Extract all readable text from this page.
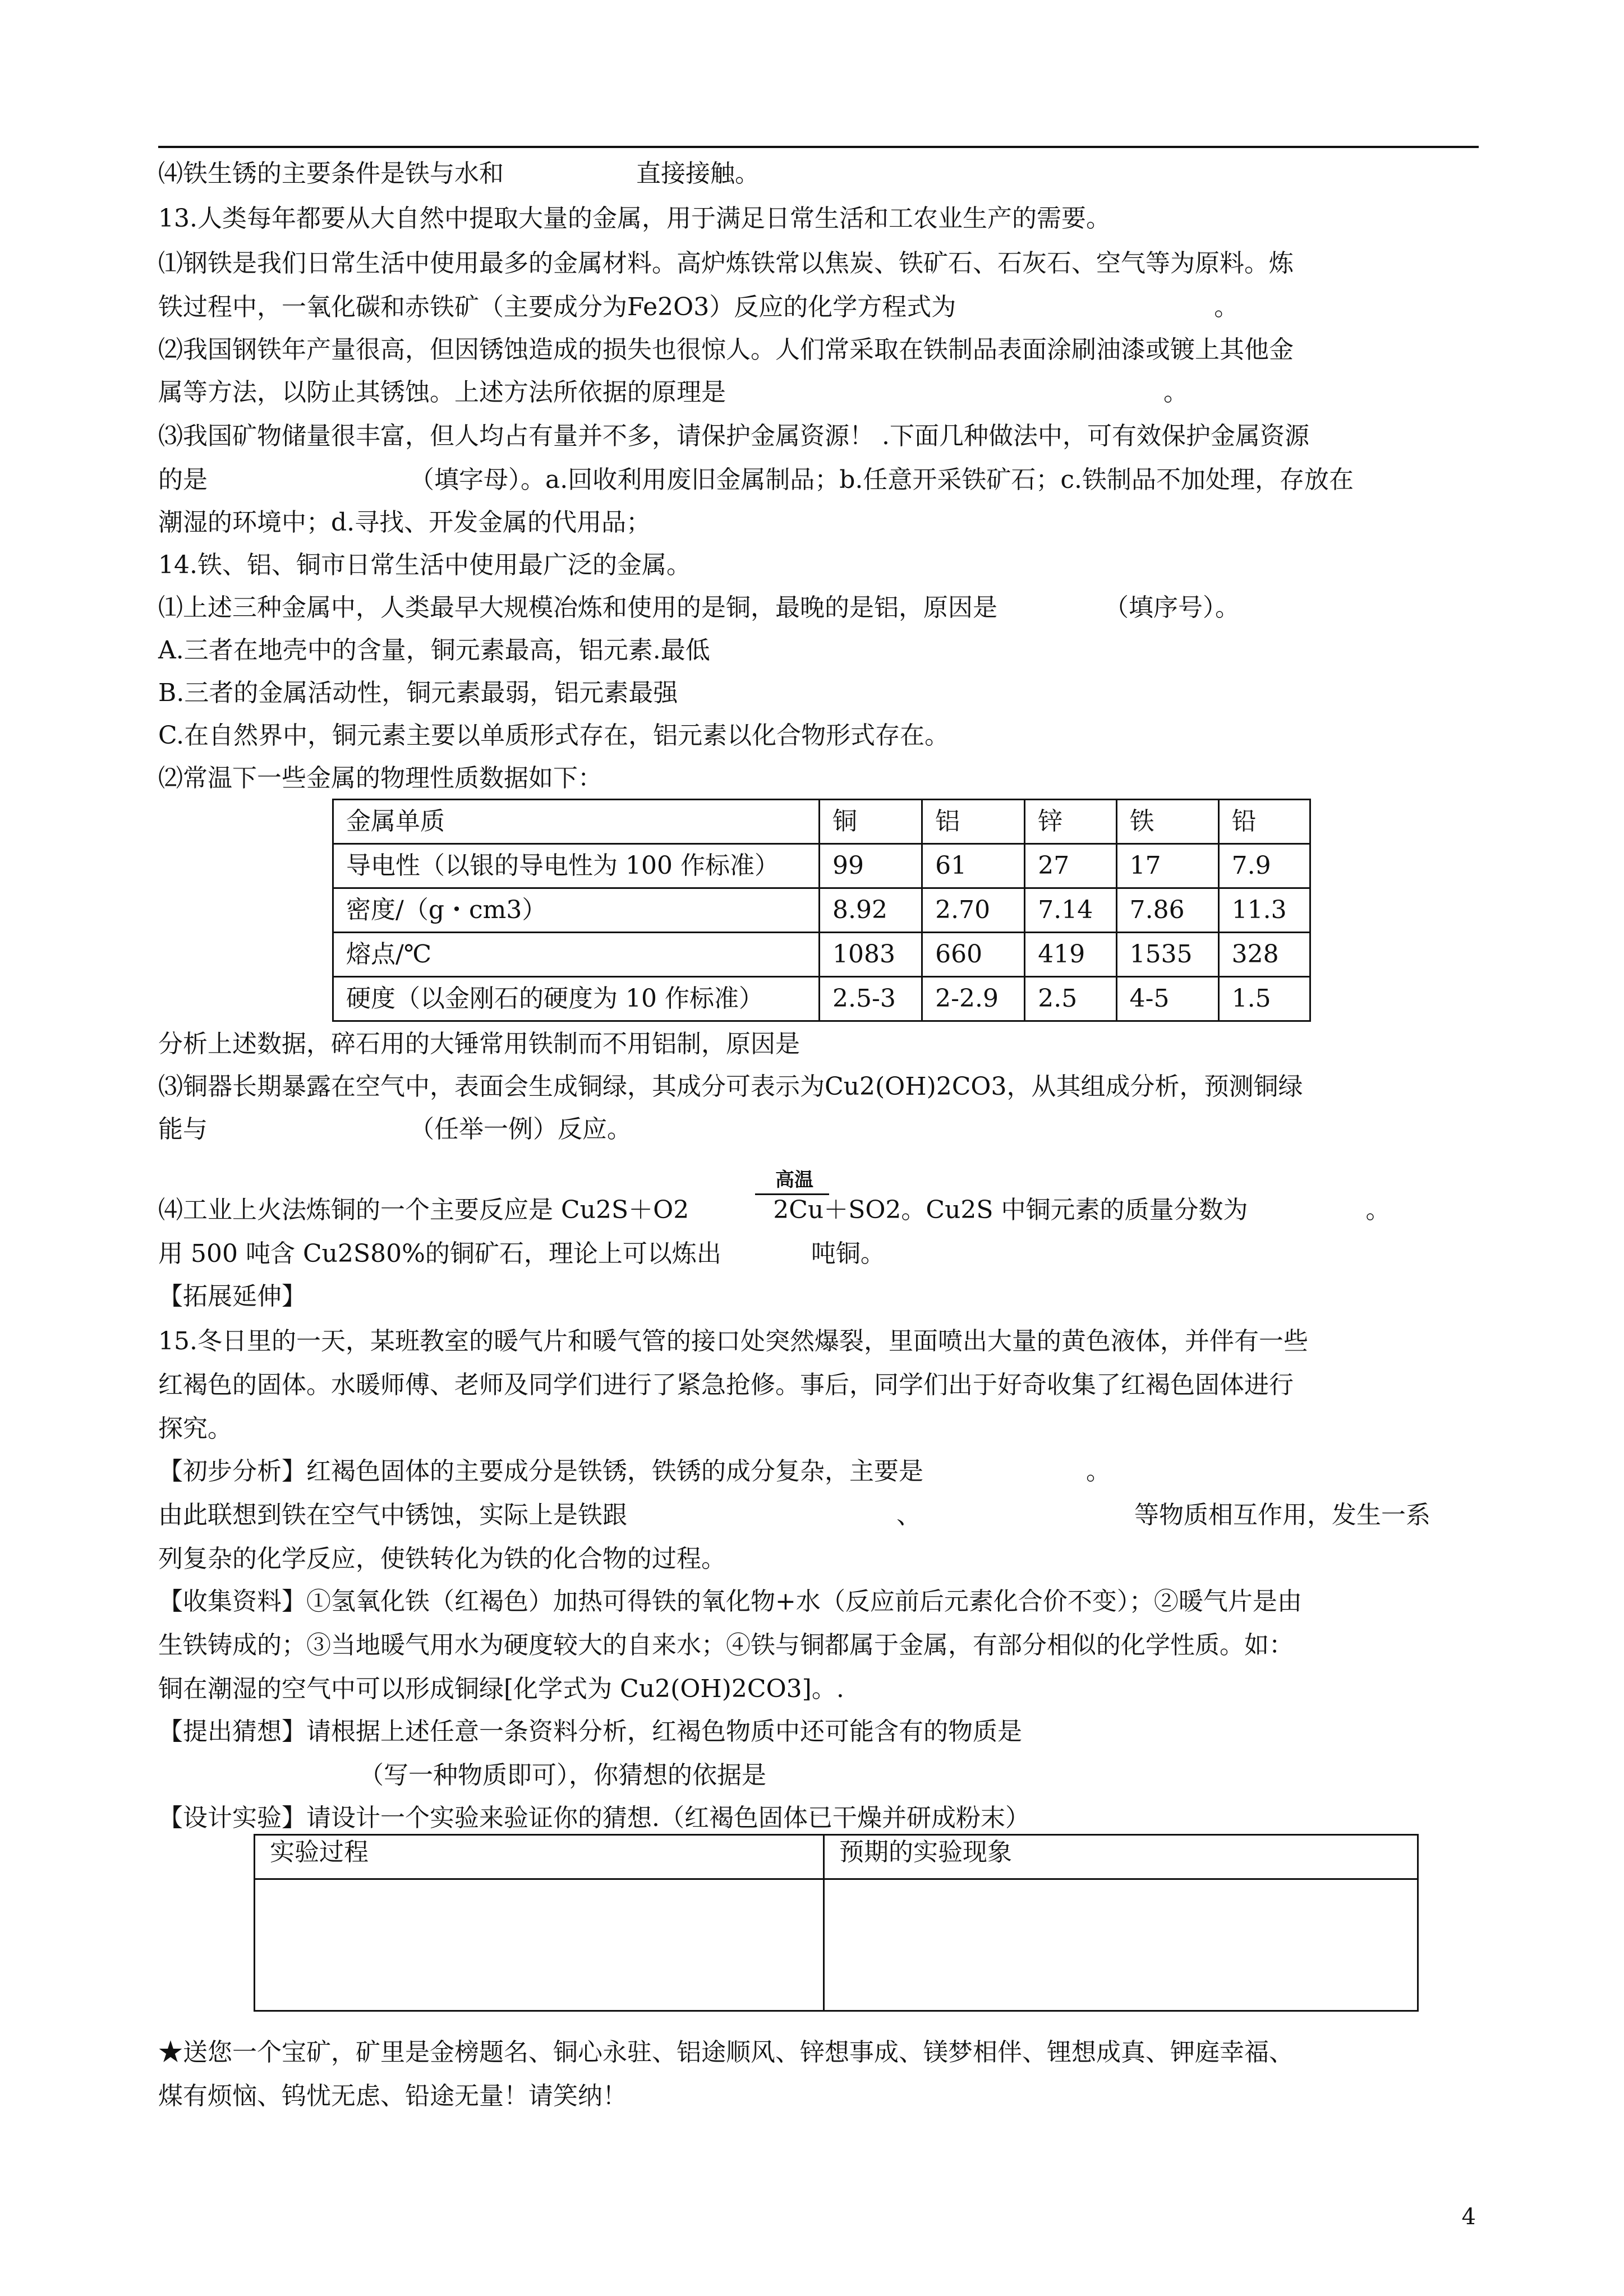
⑷铁生锈的主要条件是铁与水和	直接接触。
13.人类每年都要从大自然中提取大量的金属，用于满足日常生活和工农业生产的需要。
⑴钢铁是我们日常生活中使用最多的金属材料。高炉炼铁常以焦炭、铁矿石、石灰石、空气等为原料。炼
铁过程中，一氧化碳和赤铁矿（主要成分为Fe2O3）反应的化学方程式为	。
⑵我国钢铁年产量很高，但因锈蚀造成的损失也很惊人。人们常采取在铁制品表面涂刷油漆或镀上其他金
属等方法，以防止其锈蚀。上述方法所依据的原理是	。
⑶我国矿物储量很丰富，但人均占有量并不多，请保护金属资源！ .下面几种做法中，可有效保护金属资源
的是	（填字母）。a.回收利用废旧金属制品；b.任意开采铁矿石；c.铁制品不加处理，存放在
潮湿的环境中；d.寻找、开发金属的代用品；
14.铁、铝、铜市日常生活中使用最广泛的金属。
⑴上述三种金属中，人类最早大规模冶炼和使用的是铜，最晚的是铝，原因是	（填序号）。
A.三者在地壳中的含量，铜元素最高，铝元素.最低
B.三者的金属活动性，铜元素最弱，铝元素最强
C.在自然界中，铜元素主要以单质形式存在，铝元素以化合物形式存在。
⑵常温下一些金属的物理性质数据如下：
金属单质	铜	铝	锌	铁	铅
导电性（以银的导电性为 100 作标准）	99	61	27	17	7.9
密度/（g・cm3）	8.92	2.70	7.14	7.86	11.3
熔点/℃	1083	660	419	1535	328
硬度（以金刚石的硬度为 10 作标准）	2.5-3	2-2.9	2.5	4-5	1.5
分析上述数据，碎石用的大锤常用铁制而不用铝制，原因是
⑶铜器长期暴露在空气中，表面会生成铜绿，其成分可表示为Cu2(OH)2CO3，从其组成分析，预测铜绿
能与	（任举一例）反应。
高温
⑷工业上火法炼铜的一个主要反应是 Cu2S＋O2	2Cu＋SO2。Cu2S 中铜元素的质量分数为	。
用 500 吨含 Cu2S80%的铜矿石，理论上可以炼出	吨铜。
【拓展延伸】
15.冬日里的一天，某班教室的暖气片和暖气管的接口处突然爆裂，里面喷出大量的黄色液体，并伴有一些
红褐色的固体。水暖师傅、老师及同学们进行了紧急抢修。事后，同学们出于好奇收集了红褐色固体进行
探究。
【初步分析】红褐色固体的主要成分是铁锈，铁锈的成分复杂，主要是	。
由此联想到铁在空气中锈蚀，实际上是铁跟	、	等物质相互作用，发生一系
列复杂的化学反应，使铁转化为铁的化合物的过程。
【收集资料】①氢氧化铁（红褐色）加热可得铁的氧化物+水（反应前后元素化合价不变）；②暖气片是由
生铁铸成的；③当地暖气用水为硬度较大的自来水；④铁与铜都属于金属，有部分相似的化学性质。如：
铜在潮湿的空气中可以形成铜绿[化学式为 Cu2(OH)2CO3]。.
【提出猜想】请根据上述任意一条资料分析，红褐色物质中还可能含有的物质是
（写一种物质即可），你猜想的依据是
【设计实验】请设计一个实验来验证你的猜想.（红褐色固体已干燥并研成粉末）
实验过程	预期的实验现象

★送您一个宝矿，矿里是金榜题名、铜心永驻、铝途顺风、锌想事成、镁梦相伴、锂想成真、钾庭幸福、
煤有烦恼、钨忧无虑、铅途无量！请笑纳！
4
